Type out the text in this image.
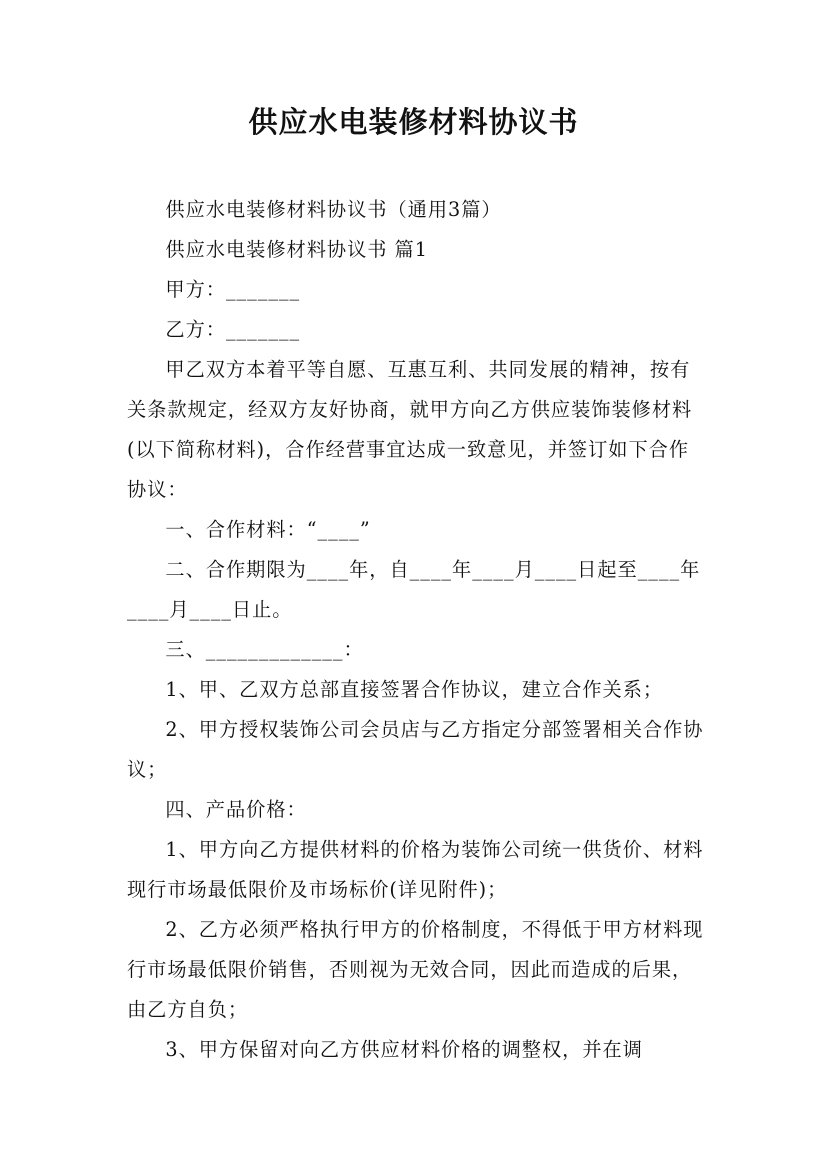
供应水电装修材料协议书

供应水电装修材料协议书（通用3篇）

供应水电装修材料协议书 篇1

甲方：_______

乙方：_______

甲乙双方本着平等自愿、互惠互利、共同发展的精神，按有关条款规定，经双方友好协商，就甲方向乙方供应装饰装修材料(以下简称材料)，合作经营事宜达成一致意见，并签订如下合作协议：

一、合作材料：“____”

二、合作期限为____年，自____年____月____日起至____年____月____日止。

三、_____________：

1、甲、乙双方总部直接签署合作协议，建立合作关系；

2、甲方授权装饰公司会员店与乙方指定分部签署相关合作协议；

四、产品价格：

1、甲方向乙方提供材料的价格为装饰公司统一供货价、材料现行市场最低限价及市场标价(详见附件)；

2、乙方必须严格执行甲方的价格制度，不得低于甲方材料现行市场最低限价销售，否则视为无效合同，因此而造成的后果，由乙方自负；

3、甲方保留对向乙方供应材料价格的调整权，并在调
